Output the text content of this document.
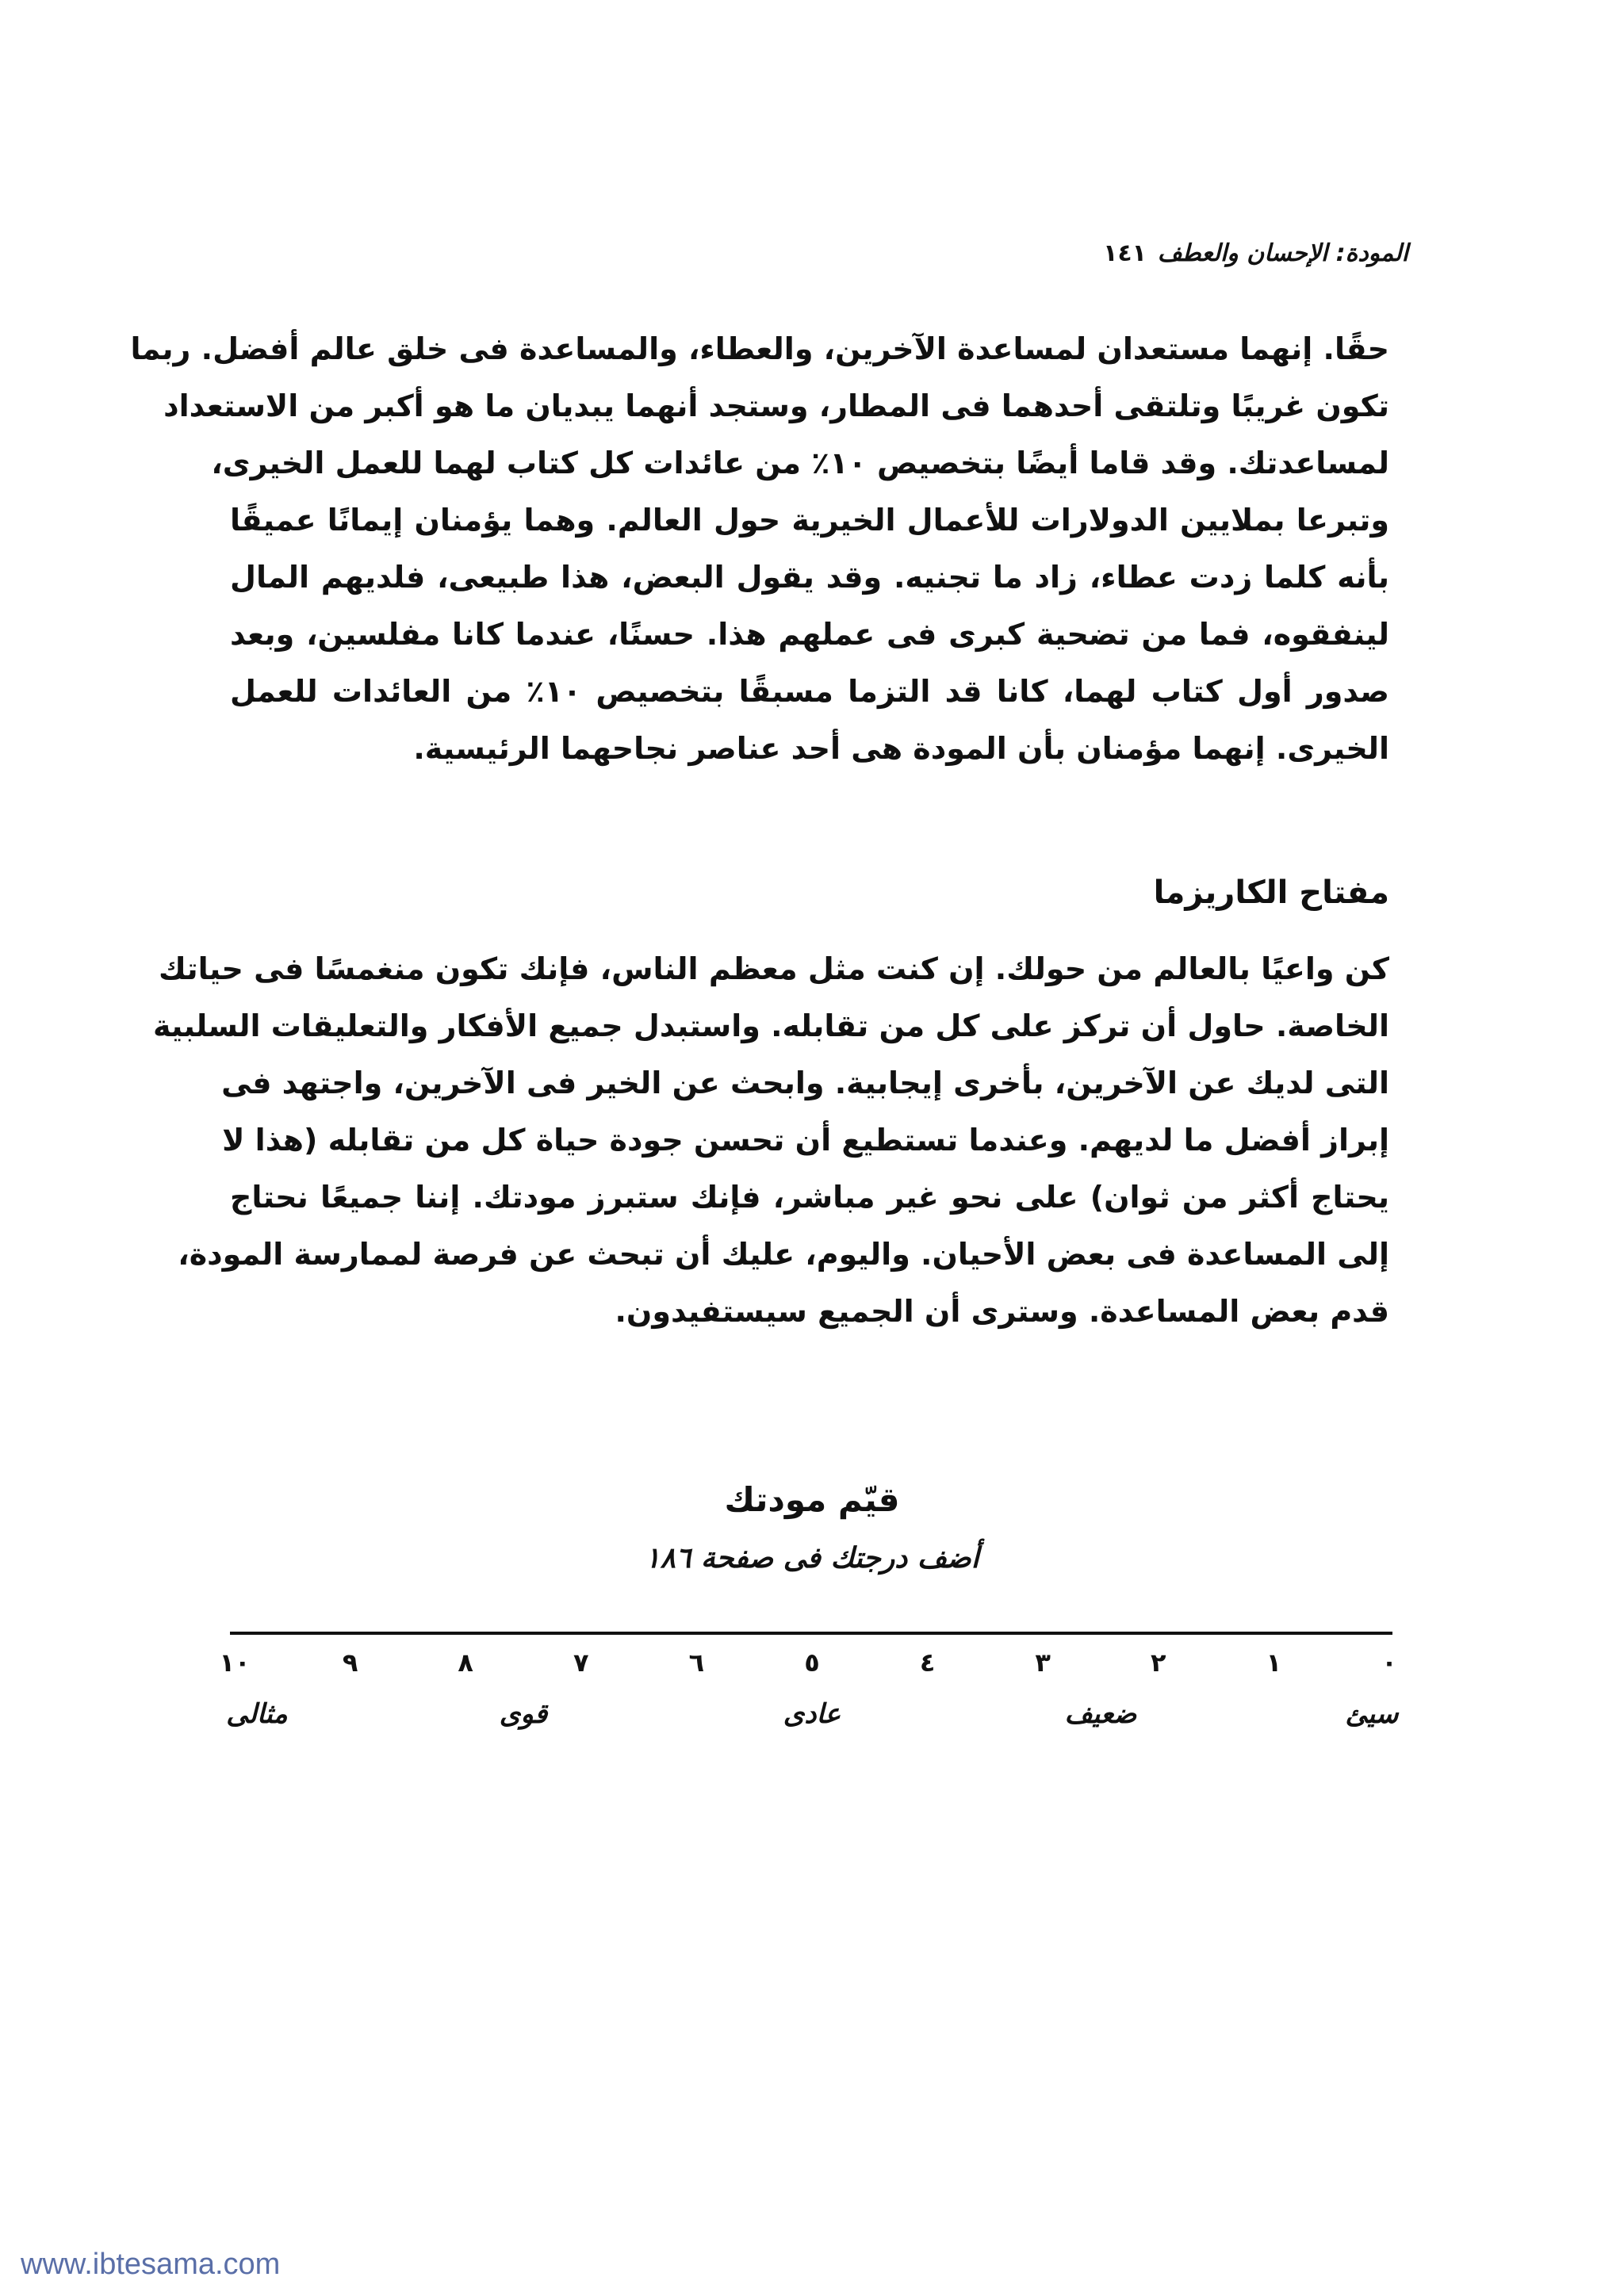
المودة: الإحسان والعطف
١٤١
حقًا. إنهما مستعدان لمساعدة الآخرين، والعطاء، والمساعدة فى خلق عالم أفضل. ربما
تكون غريبًا وتلتقى أحدهما فى المطار، وستجد أنهما يبديان ما هو أكبر من الاستعداد
لمساعدتك. وقد قاما أيضًا بتخصيص ١٠٪ من عائدات كل كتاب لهما للعمل الخيرى،
وتبرعا بملايين الدولارات للأعمال الخيرية حول العالم. وهما يؤمنان إيمانًا عميقًا
بأنه كلما زدت عطاء، زاد ما تجنيه. وقد يقول البعض، هذا طبيعى، فلديهم المال
لينفقوه، فما من تضحية كبرى فى عملهم هذا. حسنًا، عندما كانا مفلسين، وبعد
صدور أول كتاب لهما، كانا قد التزما مسبقًا بتخصيص ١٠٪ من العائدات للعمل
الخيرى. إنهما مؤمنان بأن المودة هى أحد عناصر نجاحهما الرئيسية.
مفتاح الكاريزما
كن واعيًا بالعالم من حولك. إن كنت مثل معظم الناس، فإنك تكون منغمسًا فى حياتك
الخاصة. حاول أن تركز على كل من تقابله. واستبدل جميع الأفكار والتعليقات السلبية
التى لديك عن الآخرين، بأخرى إيجابية. وابحث عن الخير فى الآخرين، واجتهد فى
إبراز أفضل ما لديهم. وعندما تستطيع أن تحسن جودة حياة كل من تقابله (هذا لا
يحتاج أكثر من ثوان) على نحو غير مباشر، فإنك ستبرز مودتك. إننا جميعًا نحتاج
إلى المساعدة فى بعض الأحيان. واليوم، عليك أن تبحث عن فرصة لممارسة المودة،
قدم بعض المساعدة. وسترى أن الجميع سيستفيدون.
قيّم مودتك
أضف درجتك فى صفحة ١٨٦
٠
١
٢
٣
٤
٥
٦
٧
٨
٩
١٠
سيئ
ضعيف
عادى
قوى
مثالى
www.ibtesama.com
